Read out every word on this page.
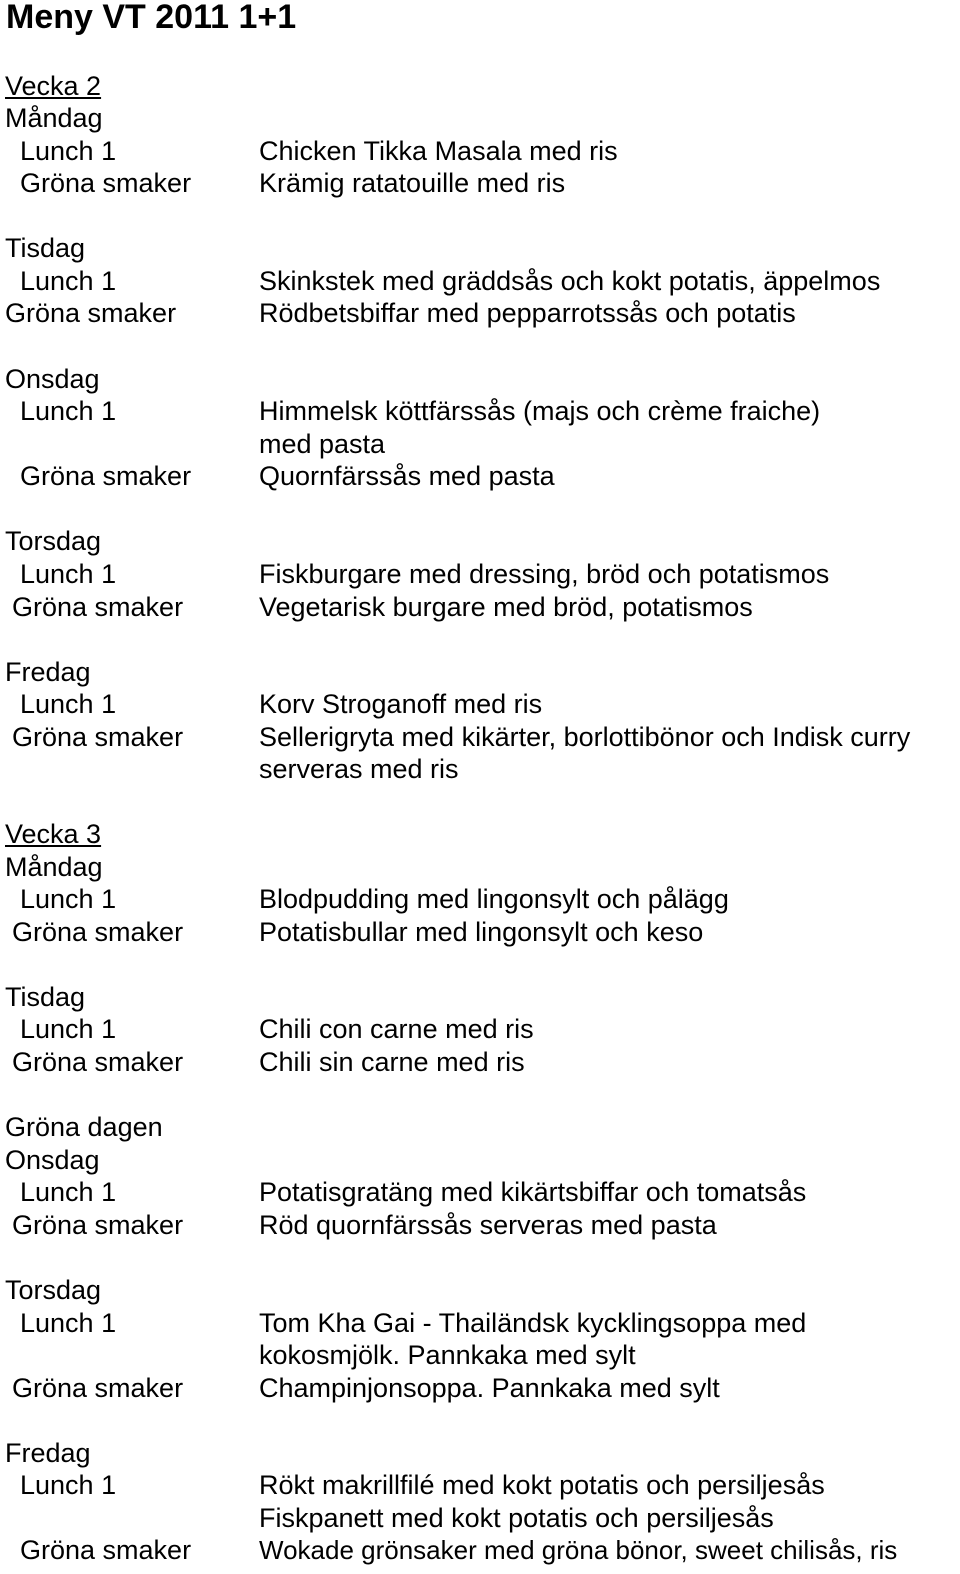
Meny VT 2011 1+1
Vecka 2
Måndag
Lunch 1	Chicken Tikka Masala med ris
Gröna smaker	Krämig ratatouille med ris
Tisdag
Lunch 1	Skinkstek med gräddsås och kokt potatis, äppelmos
Gröna smaker	Rödbetsbiffar med pepparrotssås och potatis
Onsdag
Lunch 1	Himmelsk köttfärssås (majs och crème fraiche)
med pasta
Gröna smaker	Quornfärssås med pasta
Torsdag
Lunch 1	Fiskburgare med dressing, bröd och potatismos
Gröna smaker	Vegetarisk burgare med bröd, potatismos
Fredag
Lunch 1	Korv Stroganoff med ris
Gröna smaker	Sellerigryta med kikärter, borlottibönor och Indisk curry
serveras med ris
Vecka 3
Måndag
Lunch 1	Blodpudding med lingonsylt och pålägg
Gröna smaker	Potatisbullar med lingonsylt och keso
Tisdag
Lunch 1	Chili con carne med ris
Gröna smaker	Chili sin carne med ris
Gröna dagen
Onsdag
Lunch 1	Potatisgratäng med kikärtsbiffar och tomatsås
Gröna smaker	Röd quornfärssås serveras med pasta
Torsdag
Lunch 1	Tom Kha Gai - Thailändsk kycklingsoppa med
kokosmjölk. Pannkaka med sylt
Gröna smaker	Champinjonsoppa. Pannkaka med sylt
Fredag
Lunch 1	Rökt makrillfilé med kokt potatis och persiljesås
Fiskpanett med kokt potatis och persiljesås
Gröna smaker	Wokade grönsaker med gröna bönor, sweet chilisås, ris
